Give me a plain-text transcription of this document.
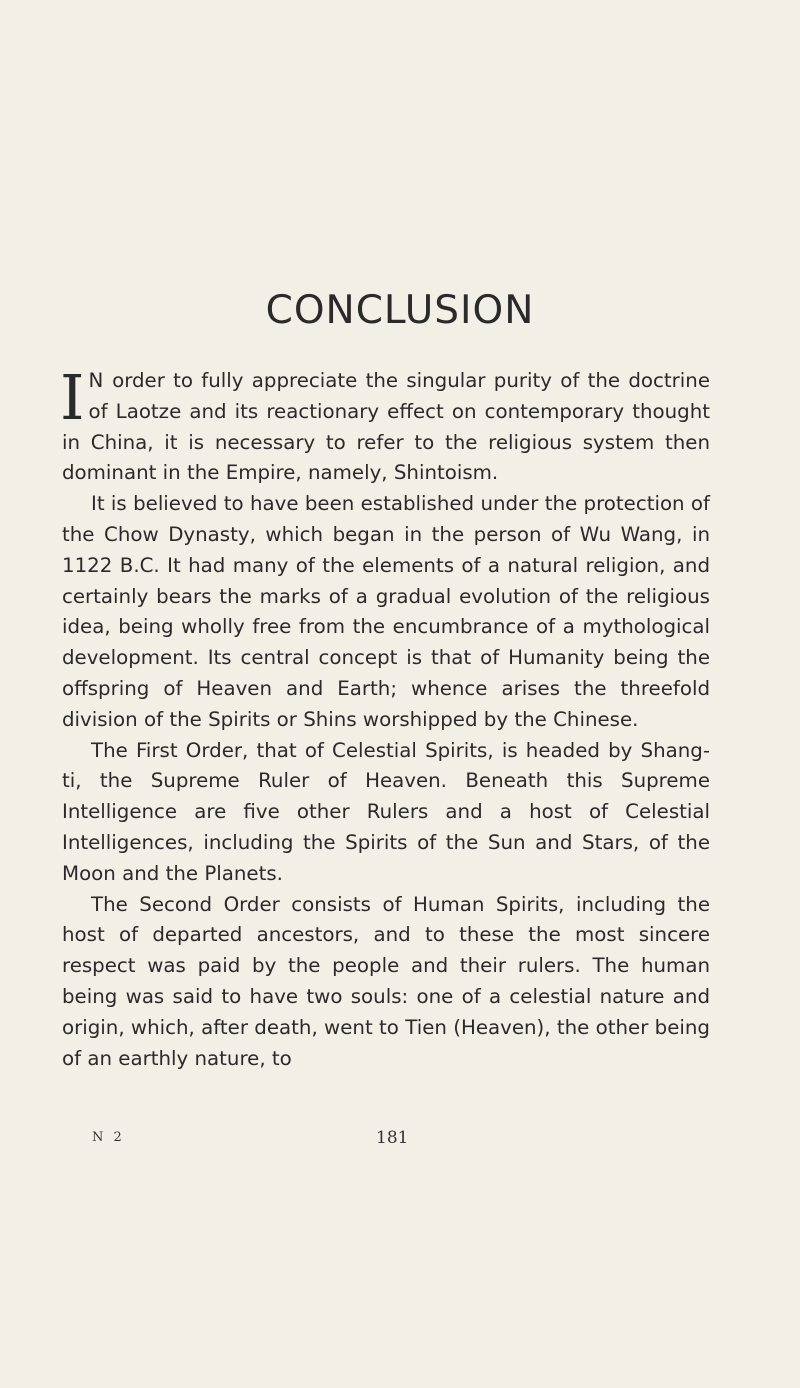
CONCLUSION

I N order to fully appreciate the singular purity of the doctrine of Laotze and its reactionary effect on contemporary thought in China, it is necessary to refer to the religious system then dominant in the Empire, namely, Shintoism.

It is believed to have been established under the protection of the Chow Dynasty, which began in the person of Wu Wang, in 1122 B.C. It had many of the elements of a natural religion, and certainly bears the marks of a gradual evolution of the religious idea, being wholly free from the encumbrance of a mythological development. Its central concept is that of Humanity being the offspring of Heaven and Earth; whence arises the threefold division of the Spirits or Shins worshipped by the Chinese.

The First Order, that of Celestial Spirits, is headed by Shang-ti, the Supreme Ruler of Heaven. Beneath this Supreme Intelligence are five other Rulers and a host of Celestial Intelligences, including the Spirits of the Sun and Stars, of the Moon and the Planets.

The Second Order consists of Human Spirits, including the host of departed ancestors, and to these the most sincere respect was paid by the people and their rulers. The human being was said to have two souls: one of a celestial nature and origin, which, after death, went to Tien (Heaven), the other being of an earthly nature, to

N 2	181
